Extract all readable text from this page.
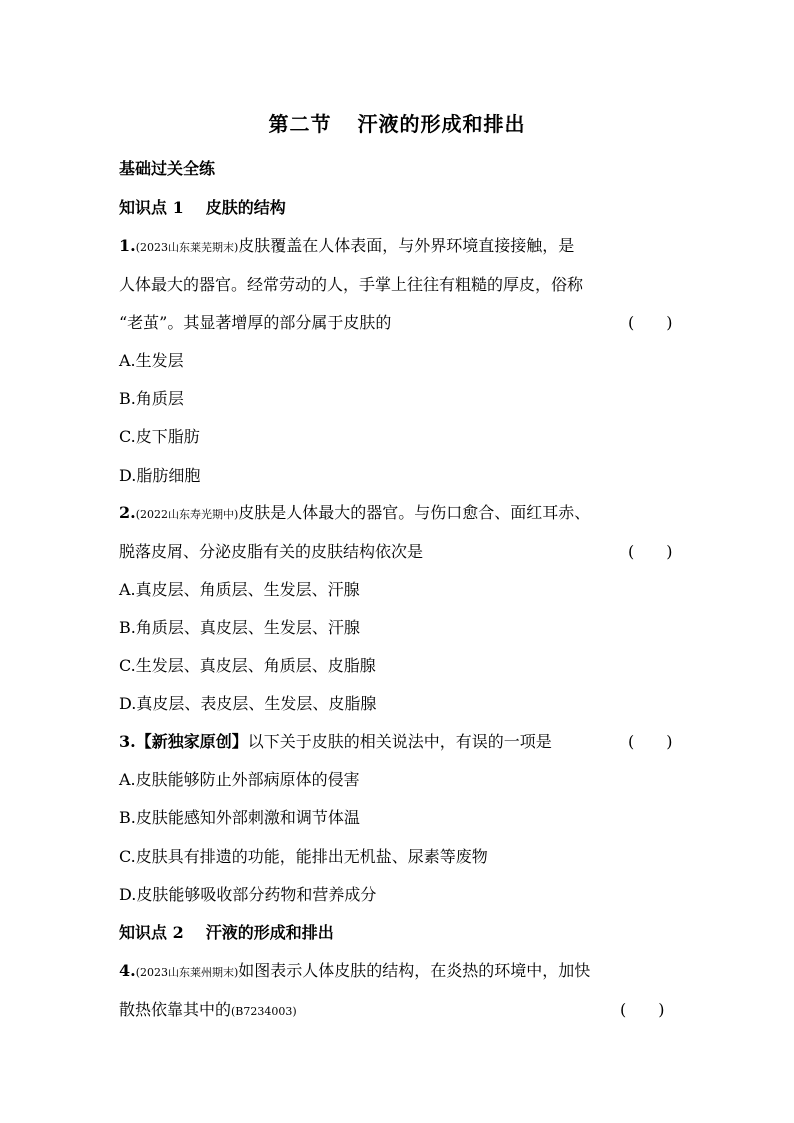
第二节 汗液的形成和排出
基础过关全练
知识点 1 皮肤的结构
1.(2023山东莱芜期末)皮肤覆盖在人体表面，与外界环境直接接触，是
人体最大的器官。经常劳动的人，手掌上往往有粗糙的厚皮，俗称
“老茧”。其显著增厚的部分属于皮肤的	(　　)
A.生发层
B.角质层
C.皮下脂肪
D.脂肪细胞
2.(2022山东寿光期中)皮肤是人体最大的器官。与伤口愈合、面红耳赤、
脱落皮屑、分泌皮脂有关的皮肤结构依次是	(　　)
A.真皮层、角质层、生发层、汗腺
B.角质层、真皮层、生发层、汗腺
C.生发层、真皮层、角质层、皮脂腺
D.真皮层、表皮层、生发层、皮脂腺
3.【新独家原创】以下关于皮肤的相关说法中，有误的一项是	(　　)
A.皮肤能够防止外部病原体的侵害
B.皮肤能感知外部刺激和调节体温
C.皮肤具有排遗的功能，能排出无机盐、尿素等废物
D.皮肤能够吸收部分药物和营养成分
知识点 2 汗液的形成和排出
4.(2023山东莱州期末)如图表示人体皮肤的结构，在炎热的环境中，加快
散热依靠其中的(B7234003)	(　　)
